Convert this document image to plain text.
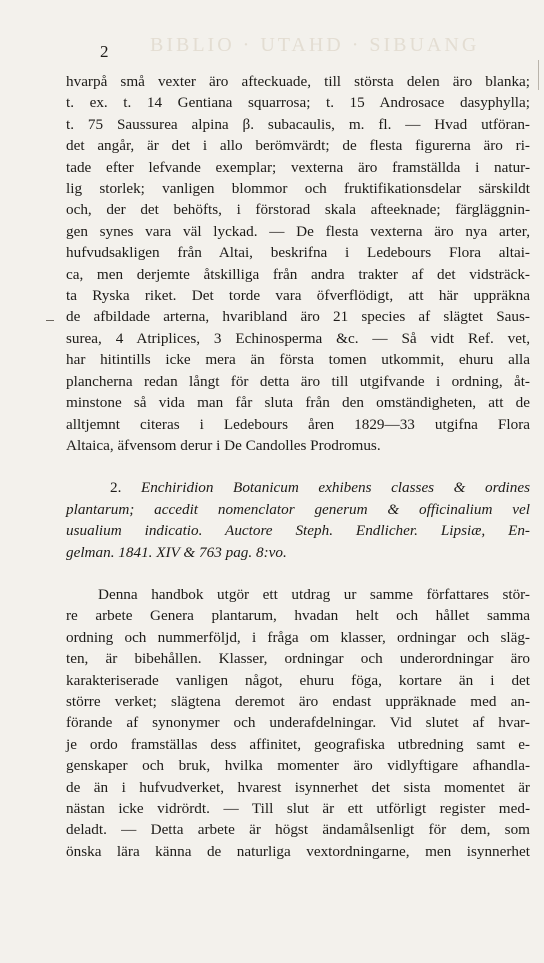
BIBLIO · UTAHD · SIBUANG
2

hvarpå små vexter äro afteckuade, till största delen äro blanka;

t. ex. t. 14 Gentiana squarrosa; t. 15 Androsace dasyphylla;

t. 75 Saussurea alpina β. subacaulis, m. fl. — Hvad utföran-

det angår, är det i allo berömvärdt; de flesta figurerna äro ri-

tade efter lefvande exemplar; vexterna äro framställda i natur-

lig storlek; vanligen blommor och fruktifikationsdelar särskildt

och, der det behöfts, i förstorad skala afteeknade; färgläggnin-

gen synes vara väl lyckad. — De flesta vexterna äro nya arter,

hufvudsakligen från Altai, beskrifna i Ledebours Flora altai-

ca, men derjemte åtskilliga från andra trakter af det vidsträck-

ta Ryska riket. Det torde vara öfverflödigt, att här uppräkna

de afbildade arterna, hvaribland äro 21 species af slägtet Saus-

surea, 4 Atriplices, 3 Echinosperma &c. — Så vidt Ref. vet,

har hitintills icke mera än första tomen utkommit, ehuru alla

plancherna redan långt för detta äro till utgifvande i ordning, åt-

minstone så vida man får sluta från den omständigheten, att de

alltjemnt citeras i Ledebours åren 1829—33 utgifna Flora

Altaica, äfvensom derur i De Candolles Prodromus.

2. Enchiridion Botanicum exhibens classes & ordines

plantarum; accedit nomenclator generum & officinalium vel

usualium indicatio. Auctore Steph. Endlicher. Lipsiæ, En-

gelman. 1841. XIV & 763 pag. 8:vo.

Denna handbok utgör ett utdrag ur samme författares stör-

re arbete Genera plantarum, hvadan helt och hållet samma

ordning och nummerföljd, i fråga om klasser, ordningar och släg-

ten, är bibehållen. Klasser, ordningar och underordningar äro

karakteriserade vanligen något, ehuru föga, kortare än i det

större verket; slägtena deremot äro endast uppräknade med an-

förande af synonymer och underafdelningar. Vid slutet af hvar-

je ordo framställas dess affinitet, geografiska utbredning samt e-

genskaper och bruk, hvilka momenter äro vidlyftigare afhandla-

de än i hufvudverket, hvarest isynnerhet det sista momentet är

nästan icke vidrördt. — Till slut är ett utförligt register med-

deladt. — Detta arbete är högst ändamålsenligt för dem, som

önska lära känna de naturliga vextordningarne, men isynnerhet
